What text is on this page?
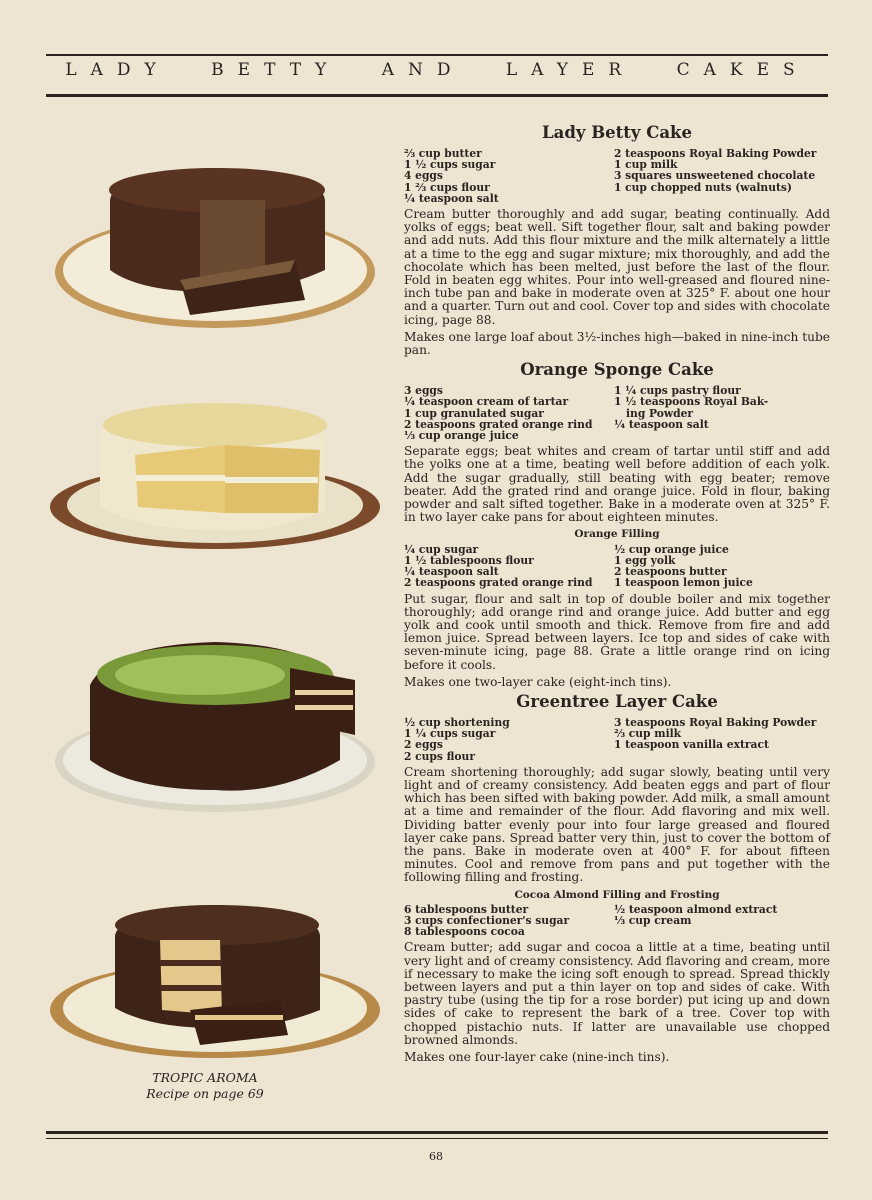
LADY BETTY AND LAYER CAKES
TROPIC AROMA
Recipe on page 69
Lady Betty Cake
⅔ cup butter
1 ½ cups sugar
4 eggs
1 ⅔ cups flour
¼ teaspoon salt
2 teaspoons Royal Baking Powder
1 cup milk
3 squares unsweetened chocolate
1 cup chopped nuts (walnuts)

Cream butter thoroughly and add sugar, beating continually. Add yolks of eggs; beat well. Sift together flour, salt and baking powder and add nuts. Add this flour mixture and the milk alternately a little at a time to the egg and sugar mixture; mix thoroughly, and add the chocolate which has been melted, just before the last of the flour. Fold in beaten egg whites. Pour into well-greased and floured nine-inch tube pan and bake in moderate oven at 325° F. about one hour and a quarter. Turn out and cool. Cover top and sides with chocolate icing, page 88.

Makes one large loaf about 3½-inches high—baked in nine-inch tube pan.

Orange Sponge Cake
3 eggs
¼ teaspoon cream of tartar
1 cup granulated sugar
2 teaspoons grated orange rind
⅓ cup orange juice
1 ¼ cups pastry flour
1 ½ teaspoons Royal Bak-
ing Powder
¼ teaspoon salt

Separate eggs; beat whites and cream of tartar until stiff and add the yolks one at a time, beating well before addition of each yolk. Add the sugar gradually, still beating with egg beater; remove beater. Add the grated rind and orange juice. Fold in flour, baking powder and salt sifted together. Bake in a moderate oven at 325° F. in two layer cake pans for about eighteen minutes.

Orange Filling
¼ cup sugar
1 ½ tablespoons flour
¼ teaspoon salt
2 teaspoons grated orange rind
½ cup orange juice
1 egg yolk
2 teaspoons butter
1 teaspoon lemon juice

Put sugar, flour and salt in top of double boiler and mix together thoroughly; add orange rind and orange juice. Add butter and egg yolk and cook until smooth and thick. Remove from fire and add lemon juice. Spread between layers. Ice top and sides of cake with seven-minute icing, page 88. Grate a little orange rind on icing before it cools.

Makes one two-layer cake (eight-inch tins).

Greentree Layer Cake
½ cup shortening
1 ¼ cups sugar
2 eggs
2 cups flour
3 teaspoons Royal Baking Powder
⅔ cup milk
1 teaspoon vanilla extract

Cream shortening thoroughly; add sugar slowly, beating until very light and of creamy consistency. Add beaten eggs and part of flour which has been sifted with baking powder. Add milk, a small amount at a time and remainder of the flour. Add flavoring and mix well. Dividing batter evenly pour into four large greased and floured layer cake pans. Spread batter very thin, just to cover the bottom of the pans. Bake in moderate oven at 400° F. for about fifteen minutes. Cool and remove from pans and put together with the following filling and frosting.

Cocoa Almond Filling and Frosting
6 tablespoons butter
3 cups confectioner's sugar
8 tablespoons cocoa
½ teaspoon almond extract
⅓ cup cream

Cream butter; add sugar and cocoa a little at a time, beating until very light and of creamy consistency. Add flavoring and cream, more if necessary to make the icing soft enough to spread. Spread thickly between layers and put a thin layer on top and sides of cake. With pastry tube (using the tip for a rose border) put icing up and down sides of cake to represent the bark of a tree. Cover top with chopped pistachio nuts. If latter are unavailable use chopped browned almonds.

Makes one four-layer cake (nine-inch tins).

68
